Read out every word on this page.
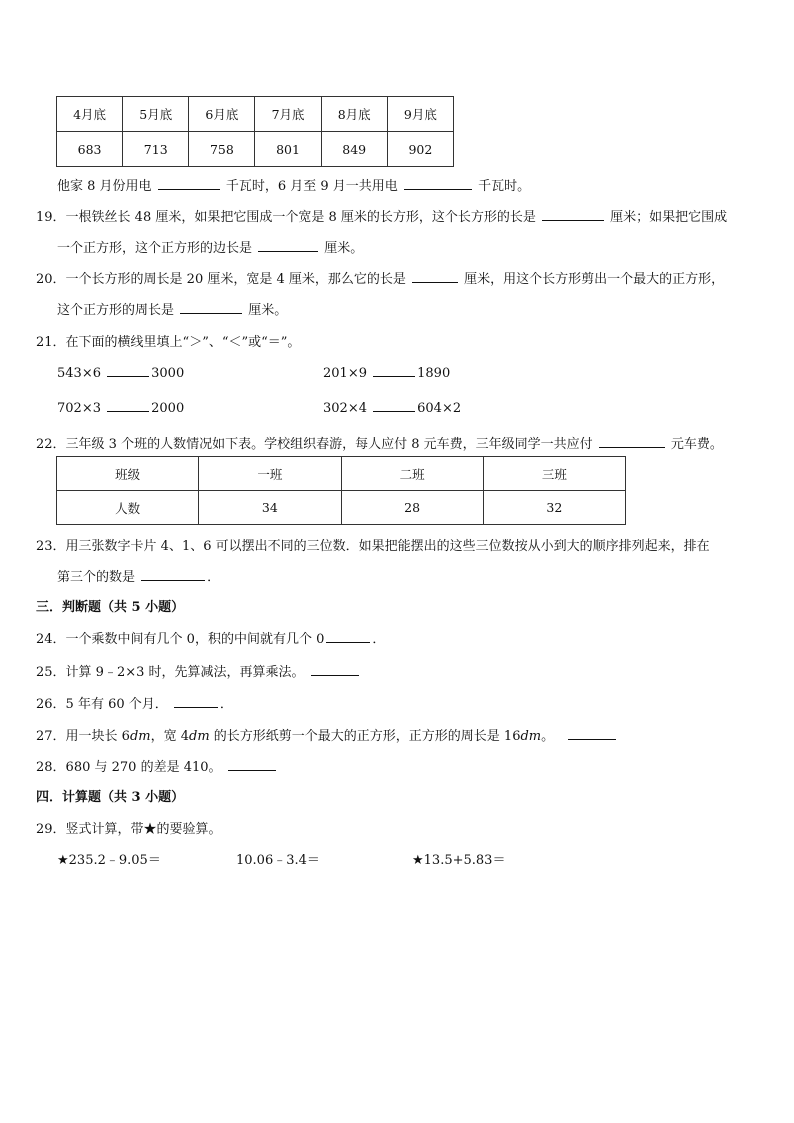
4月底	5月底	6月底	7月底	8月底	9月底
683	713	758	801	849	902
他家 8 月份用电	千瓦时，6 月至 9 月一共用电	千瓦时。
19．一根铁丝长 48 厘米，如果把它围成一个宽是 8 厘米的长方形，这个长方形的长是	厘米；如果把它围成
一个正方形，这个正方形的边长是	厘米。
20．一个长方形的周长是 20 厘米，宽是 4 厘米，那么它的长是	厘米，用这个长方形剪出一个最大的正方形，
这个正方形的周长是	厘米。
21．在下面的横线里填上“＞”、“＜”或“＝”。
543×6	3000	201×9	1890
702×3	2000	302×4	604×2
22．三年级 3 个班的人数情况如下表。学校组织春游，每人应付 8 元车费，三年级同学一共应付	元车费。
班级	一班	二班	三班
人数	34	28	32
23．用三张数字卡片 4、1、6 可以摆出不同的三位数．如果把能摆出的这些三位数按从小到大的顺序排列起来，排在
第三个的数是	．
三．判断题（共 5 小题）
24．一个乘数中间有几个 0，积的中间就有几个 0	．
25．计算 9﹣2×3 时，先算减法，再算乘法。
26．5 年有 60 个月．	．
27．用一块长 6dm，宽 4dm 的长方形纸剪一个最大的正方形，正方形的周长是 16dm。
28．680 与 270 的差是 410。
四．计算题（共 3 小题）
29．竖式计算，带★的要验算。
★235.2﹣9.05＝	10.06﹣3.4＝	★13.5+5.83＝
